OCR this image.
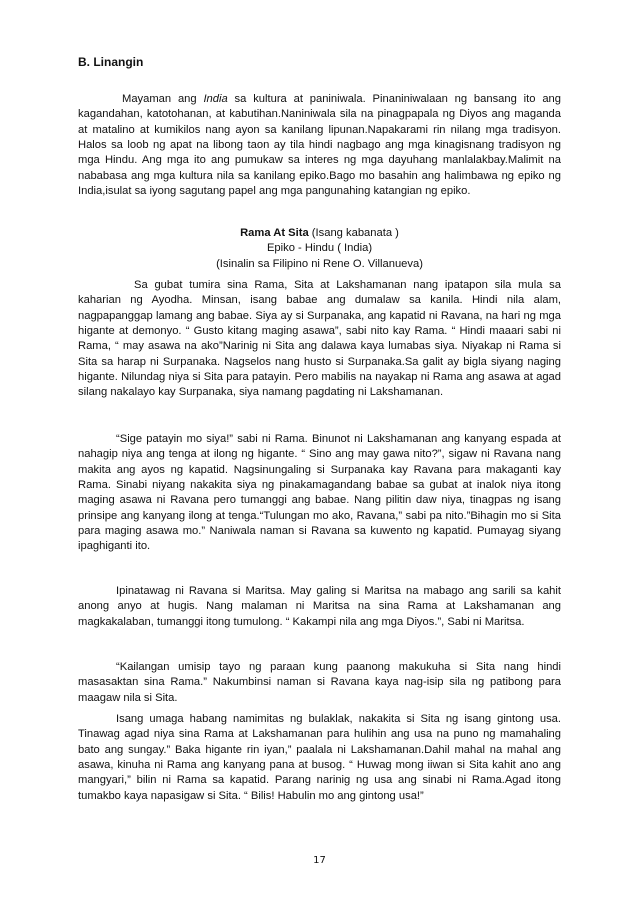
B. Linangin

Mayaman ang India sa kultura at paniniwala. Pinaniniwalaan ng bansang ito ang kagandahan, katotohanan, at kabutihan.Naniniwala sila na pinagpapala ng Diyos ang maganda at matalino at kumikilos nang ayon sa kanilang lipunan.Napakarami rin nilang mga tradisyon. Halos sa loob ng apat na libong taon ay tila hindi nagbago ang mga kinagisnang tradisyon ng mga Hindu. Ang mga ito ang pumukaw sa interes ng mga dayuhang manlalakbay.Malimit na nababasa ang mga kultura nila sa kanilang epiko.Bago mo basahin ang halimbawa ng epiko ng India,isulat sa iyong sagutang papel ang mga pangunahing katangian ng epiko.

Rama At Sita (Isang kabanata )
Epiko - Hindu ( India)
(Isinalin sa Filipino ni Rene O. Villanueva)

Sa gubat tumira sina Rama, Sita at Lakshamanan nang ipatapon sila mula sa kaharian ng Ayodha. Minsan, isang babae ang dumalaw sa kanila. Hindi nila alam, nagpapanggap lamang ang babae. Siya ay si Surpanaka, ang kapatid ni Ravana, na hari ng mga higante at demonyo. “ Gusto kitang maging asawa”, sabi nito kay Rama. “ Hindi maaari sabi ni Rama, “ may asawa na ako”Narinig ni Sita ang dalawa kaya lumabas siya. Niyakap ni Rama si Sita sa harap ni Surpanaka. Nagselos nang husto si Surpanaka.Sa galit ay bigla siyang naging higante. Nilundag niya si Sita para patayin. Pero mabilis na nayakap ni Rama ang asawa at agad silang nakalayo kay Surpanaka, siya namang pagdating ni Lakshamanan.

“Sige patayin mo siya!” sabi ni Rama. Binunot ni Lakshamanan ang kanyang espada at nahagip niya ang tenga at ilong ng higante. “ Sino ang may gawa nito?”, sigaw ni Ravana nang makita ang ayos ng kapatid. Nagsinungaling si Surpanaka kay Ravana para makaganti kay Rama. Sinabi niyang nakakita siya ng pinakamagandang babae sa gubat at inalok niya itong maging asawa ni Ravana pero tumanggi ang babae. Nang pilitin daw niya, tinagpas ng isang prinsipe ang kanyang ilong at tenga.“Tulungan mo ako, Ravana,” sabi pa nito.”Bihagin mo si Sita para maging asawa mo.” Naniwala naman si Ravana sa kuwento ng kapatid. Pumayag siyang ipaghiganti ito.

Ipinatawag ni Ravana si Maritsa. May galing si Maritsa na mabago ang sarili sa kahit anong anyo at hugis. Nang malaman ni Maritsa na sina Rama at Lakshamanan ang magkakalaban, tumanggi itong tumulong. “ Kakampi nila ang mga Diyos.”, Sabi ni Maritsa.

“Kailangan umisip tayo ng paraan kung paanong makukuha si Sita nang hindi masasaktan sina Rama.” Nakumbinsi naman si Ravana kaya nag-isip sila ng patibong para maagaw nila si Sita.

Isang umaga habang namimitas ng bulaklak, nakakita si Sita ng isang gintong usa. Tinawag agad niya sina Rama at Lakshamanan para hulihin ang usa na puno ng mamahaling bato ang sungay.” Baka higante rin iyan,” paalala ni Lakshamanan.Dahil mahal na mahal ang asawa, kinuha ni Rama ang kanyang pana at busog. “ Huwag mong iiwan si Sita kahit ano ang mangyari,” bilin ni Rama sa kapatid. Parang narinig ng usa ang sinabi ni Rama.Agad itong tumakbo kaya napasigaw si Sita. “ Bilis! Habulin mo ang gintong usa!”

17
